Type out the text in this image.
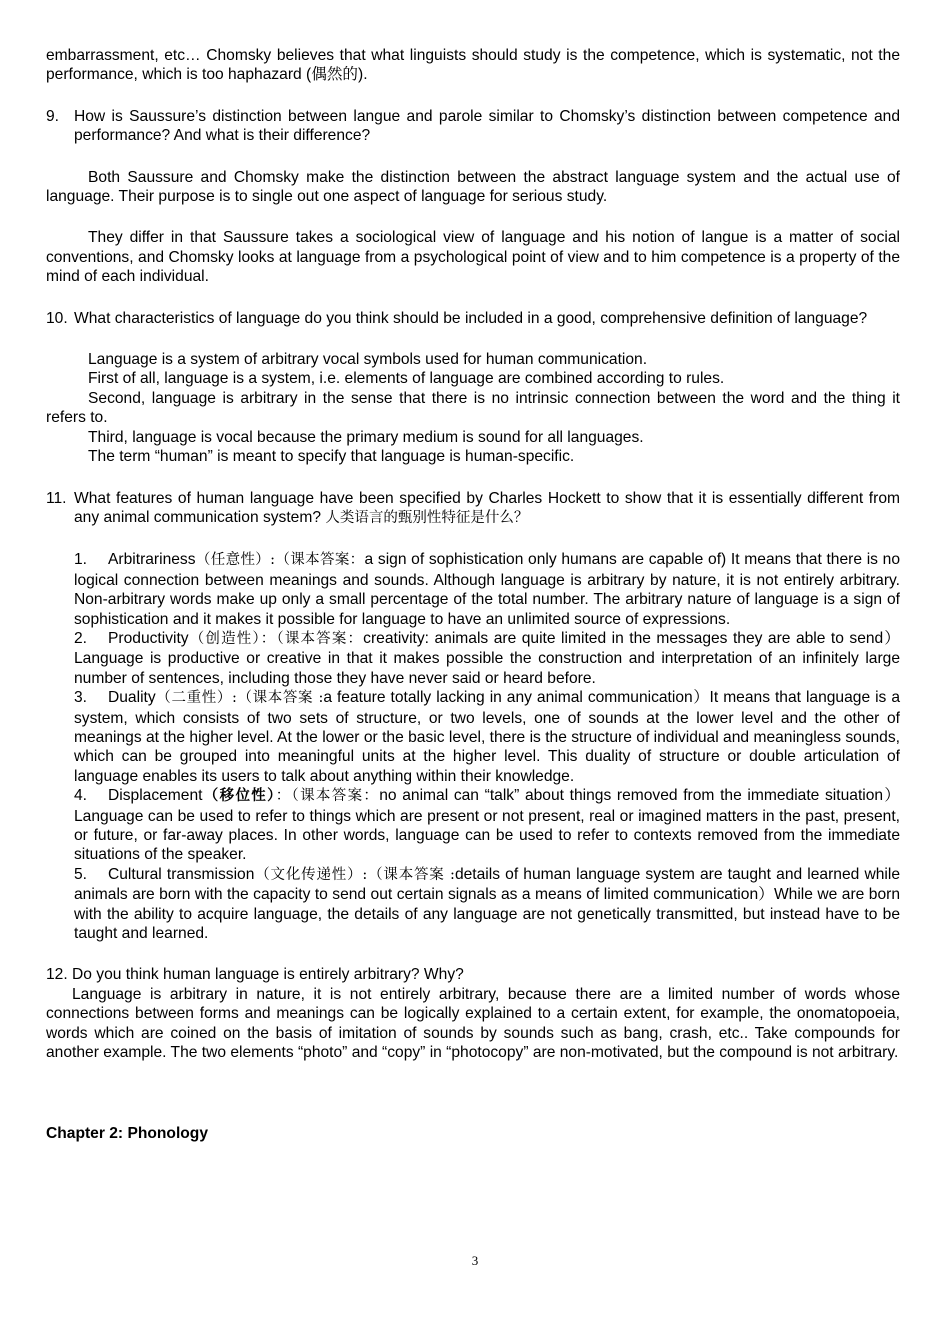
embarrassment, etc… Chomsky believes that what linguists should study is the competence, which is systematic, not the performance, which is too haphazard (偶然的).

9. How is Saussure’s distinction between langue and parole similar to Chomsky’s distinction between competence and performance? And what is their difference?

Both Saussure and Chomsky make the distinction between the abstract language system and the actual use of language. Their purpose is to single out one aspect of language for serious study.

They differ in that Saussure takes a sociological view of language and his notion of langue is a matter of social conventions, and Chomsky looks at language from a psychological point of view and to him competence is a property of the mind of each individual.

10. What characteristics of language do you think should be included in a good, comprehensive definition of language?

Language is a system of arbitrary vocal symbols used for human communication.

First of all, language is a system, i.e. elements of language are combined according to rules.

Second, language is arbitrary in the sense that there is no intrinsic connection between the word and the thing it refers to.

Third, language is vocal because the primary medium is sound for all languages.

The term “human” is meant to specify that language is human-specific.

11. What features of human language have been specified by Charles Hockett to show that it is essentially different from any animal communication system? 人类语言的甄别性特征是什么？

1. Arbitrariness（任意性）:（课本答案：a sign of sophistication only humans are capable of) It means that there is no logical connection between meanings and sounds. Although language is arbitrary by nature, it is not entirely arbitrary. Non-arbitrary words make up only a small percentage of the total number. The arbitrary nature of language is a sign of sophistication and it makes it possible for language to have an unlimited source of expressions.

2. Productivity（创造性）：（课本答案：creativity: animals are quite limited in the messages they are able to send）Language is productive or creative in that it makes possible the construction and interpretation of an infinitely large number of sentences, including those they have never said or heard before.

3. Duality（二重性）:（课本答案 :a feature totally lacking in any animal communication）It means that language is a system, which consists of two sets of structure, or two levels, one of sounds at the lower level and the other of meanings at the higher level. At the lower or the basic level, there is the structure of individual and meaningless sounds, which can be grouped into meaningful units at the higher level. This duality of structure or double articulation of language enables its users to talk about anything within their knowledge.

4. Displacement（移位性）：（课本答案：no animal can “talk” about things removed from the immediate situation）Language can be used to refer to things which are present or not present, real or imagined matters in the past, present, or future, or far-away places. In other words, language can be used to refer to contexts removed from the immediate situations of the speaker.

5. Cultural transmission（文化传递性）:（课本答案 :details of human language system are taught and learned while animals are born with the capacity to send out certain signals as a means of limited communication）While we are born with the ability to acquire language, the details of any language are not genetically transmitted, but instead have to be taught and learned.

12. Do you think human language is entirely arbitrary? Why?

Language is arbitrary in nature, it is not entirely arbitrary, because there are a limited number of words whose connections between forms and meanings can be logically explained to a certain extent, for example, the onomatopoeia, words which are coined on the basis of imitation of sounds by sounds such as bang, crash, etc.. Take compounds for another example. The two elements “photo” and “copy” in “photocopy” are non-motivated, but the compound is not arbitrary.

Chapter 2: Phonology

3
